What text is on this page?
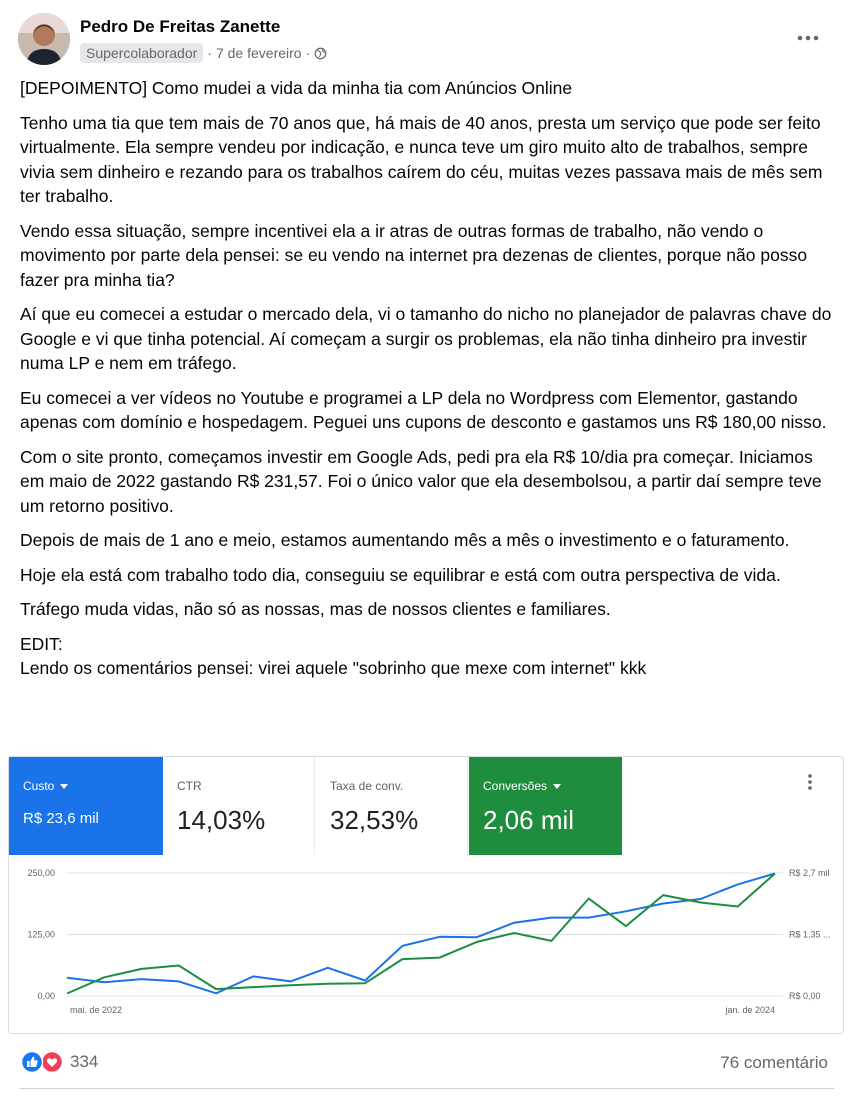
Pedro De Freitas Zanette
Supercolaborador · 7 de fevereiro ·

[DEPOIMENTO] Como mudei a vida da minha tia com Anúncios Online

Tenho uma tia que tem mais de 70 anos que, há mais de 40 anos, presta um serviço que pode ser feito virtualmente. Ela sempre vendeu por indicação, e nunca teve um giro muito alto de trabalhos, sempre vivia sem dinheiro e rezando para os trabalhos caírem do céu, muitas vezes passava mais de mês sem ter trabalho.

Vendo essa situação, sempre incentivei ela a ir atras de outras formas de trabalho, não vendo o movimento por parte dela pensei: se eu vendo na internet pra dezenas de clientes, porque não posso fazer pra minha tia?

Aí que eu comecei a estudar o mercado dela, vi o tamanho do nicho no planejador de palavras chave do Google e vi que tinha potencial. Aí começam a surgir os problemas, ela não tinha dinheiro pra investir numa LP e nem em tráfego.

Eu comecei a ver vídeos no Youtube e programei a LP dela no Wordpress com Elementor, gastando apenas com domínio e hospedagem. Peguei uns cupons de desconto e gastamos uns R$ 180,00 nisso.

Com o site pronto, começamos investir em Google Ads, pedi pra ela R$ 10/dia pra começar. Iniciamos em maio de 2022 gastando R$ 231,57. Foi o único valor que ela desembolsou, a partir daí sempre teve um retorno positivo.

Depois de mais de 1 ano e meio, estamos aumentando mês a mês o investimento e o faturamento.

Hoje ela está com trabalho todo dia, conseguiu se equilibrar e está com outra perspectiva de vida.

Tráfego muda vidas, não só as nossas, mas de nossos clientes e familiares.

EDIT:

Lendo os comentários pensei: virei aquele "sobrinho que mexe com internet" kkk

Custo
R$ 23,6 mil
CTR
14,03%
Taxa de conv.
32,53%
Conversões
2,06 mil
250,00
125,00
0,00
R$ 2,7 mil
R$ 1,35 ...
R$ 0,00
mai. de 2022	jan. de 2024
334	76 comentário
